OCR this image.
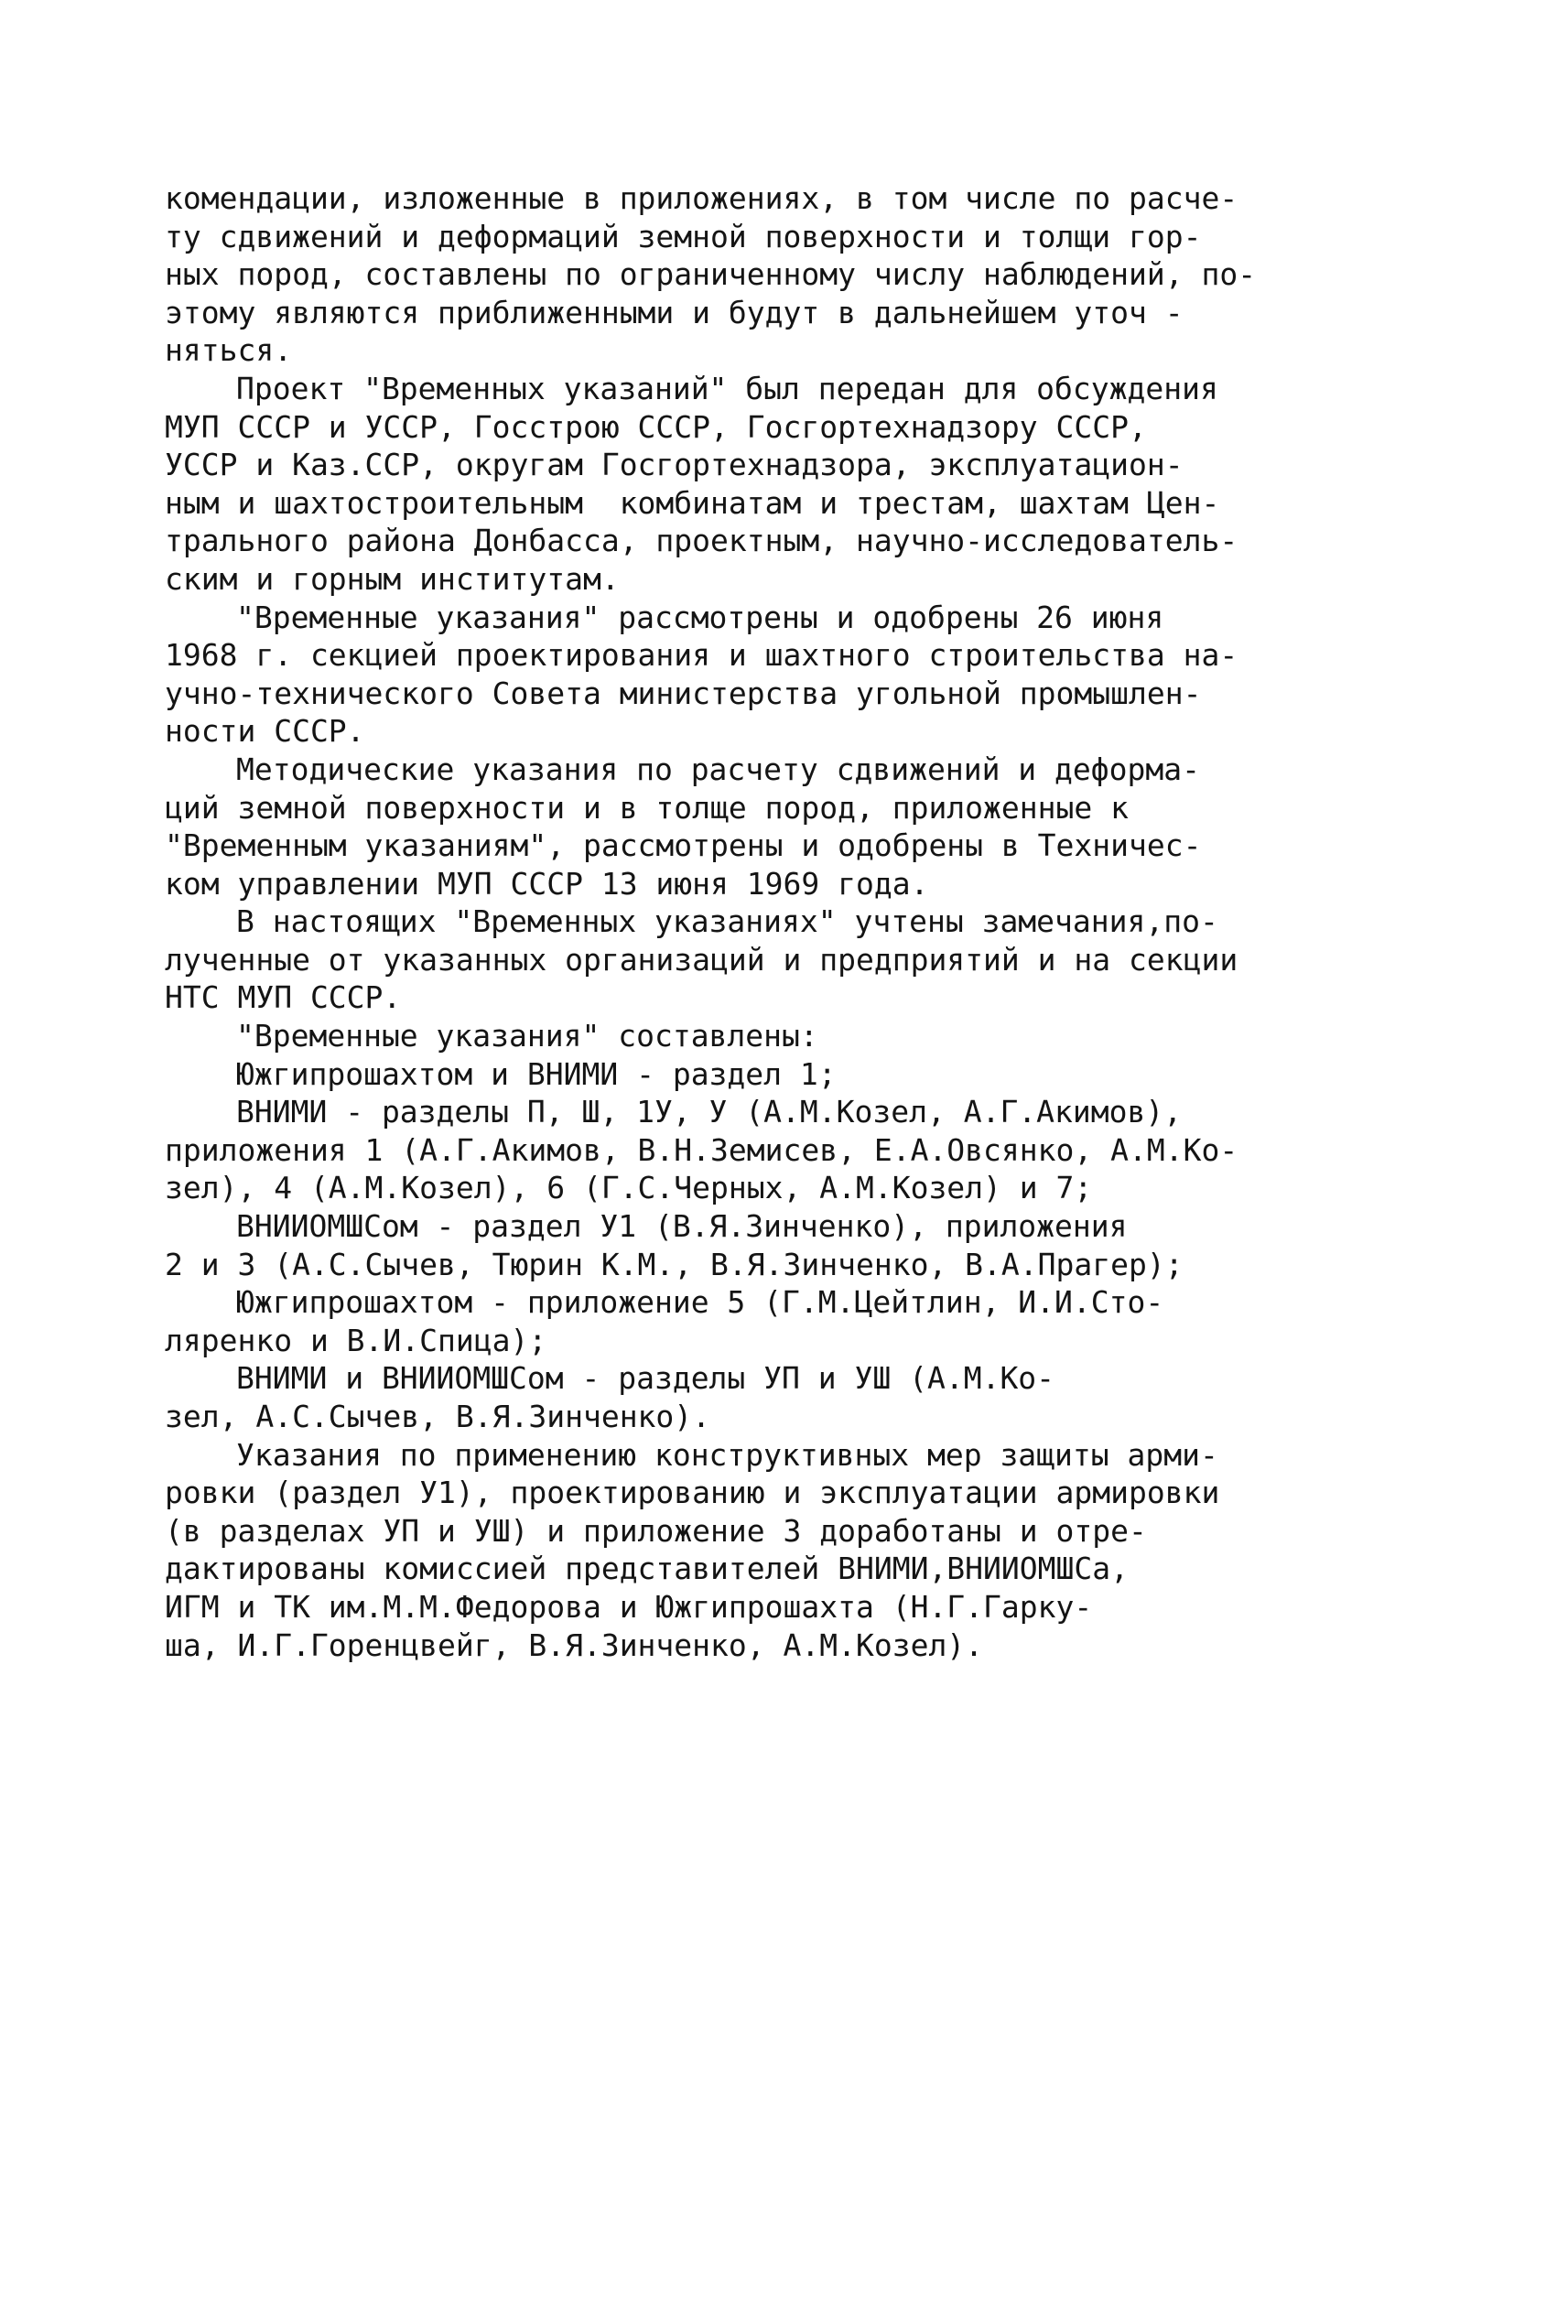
комендации, изложенные в приложениях, в том числе по расче-
ту сдвижений и деформаций земной поверхности и толщи гор-
ных пород, составлены по ограниченному числу наблюдений, по-
этому являются приближенными и будут в дальнейшем уточ -
няться.
Проект "Временных указаний" был передан для обсуждения
МУП СССР и УССР, Госстрою СССР, Госгортехнадзору СССР,
УССР и Каз.ССР, округам Госгортехнадзора, эксплуатацион-
ным и шахтостроительным  комбинатам и трестам, шахтам Цен-
трального района Донбасса, проектным, научно-исследователь-
ским и горным институтам.
"Временные указания" рассмотрены и одобрены 26 июня
1968 г. секцией проектирования и шахтного строительства на-
учно-технического Совета министерства угольной промышлен-
ности СССР.
Методические указания по расчету сдвижений и деформа-
ций земной поверхности и в толще пород, приложенные к
"Временным указаниям", рассмотрены и одобрены в Техничес-
ком управлении МУП СССР 13 июня 1969 года.
В настоящих "Временных указаниях" учтены замечания,по-
лученные от указанных организаций и предприятий и на секции
НТС МУП СССР.
"Временные указания" составлены:
Южгипрошахтом и ВНИМИ - раздел 1;
ВНИМИ - разделы П, Ш, 1У, У (А.М.Козел, А.Г.Акимов),
приложения 1 (А.Г.Акимов, В.Н.Земисев, Е.А.Овсянко, А.М.Ко-
зел), 4 (А.М.Козел), 6 (Г.С.Черных, А.М.Козел) и 7;
ВНИИОМШСом - раздел У1 (В.Я.Зинченко), приложения
2 и 3 (А.С.Сычев, Тюрин К.М., В.Я.Зинченко, В.А.Прагер);
Южгипрошахтом - приложение 5 (Г.М.Цейтлин, И.И.Сто-
ляренко и В.И.Спица);
ВНИМИ и ВНИИОМШСом - разделы УП и УШ (А.М.Ко-
зел, А.С.Сычев, В.Я.Зинченко).
Указания по применению конструктивных мер защиты арми-
ровки (раздел У1), проектированию и эксплуатации армировки
(в разделах УП и УШ) и приложение 3 доработаны и отре-
дактированы комиссией представителей ВНИМИ,ВНИИОМШСа,
ИГМ и ТК им.М.М.Федорова и Южгипрошахта (Н.Г.Гарку-
ша, И.Г.Горенцвейг, В.Я.Зинченко, А.М.Козел).
